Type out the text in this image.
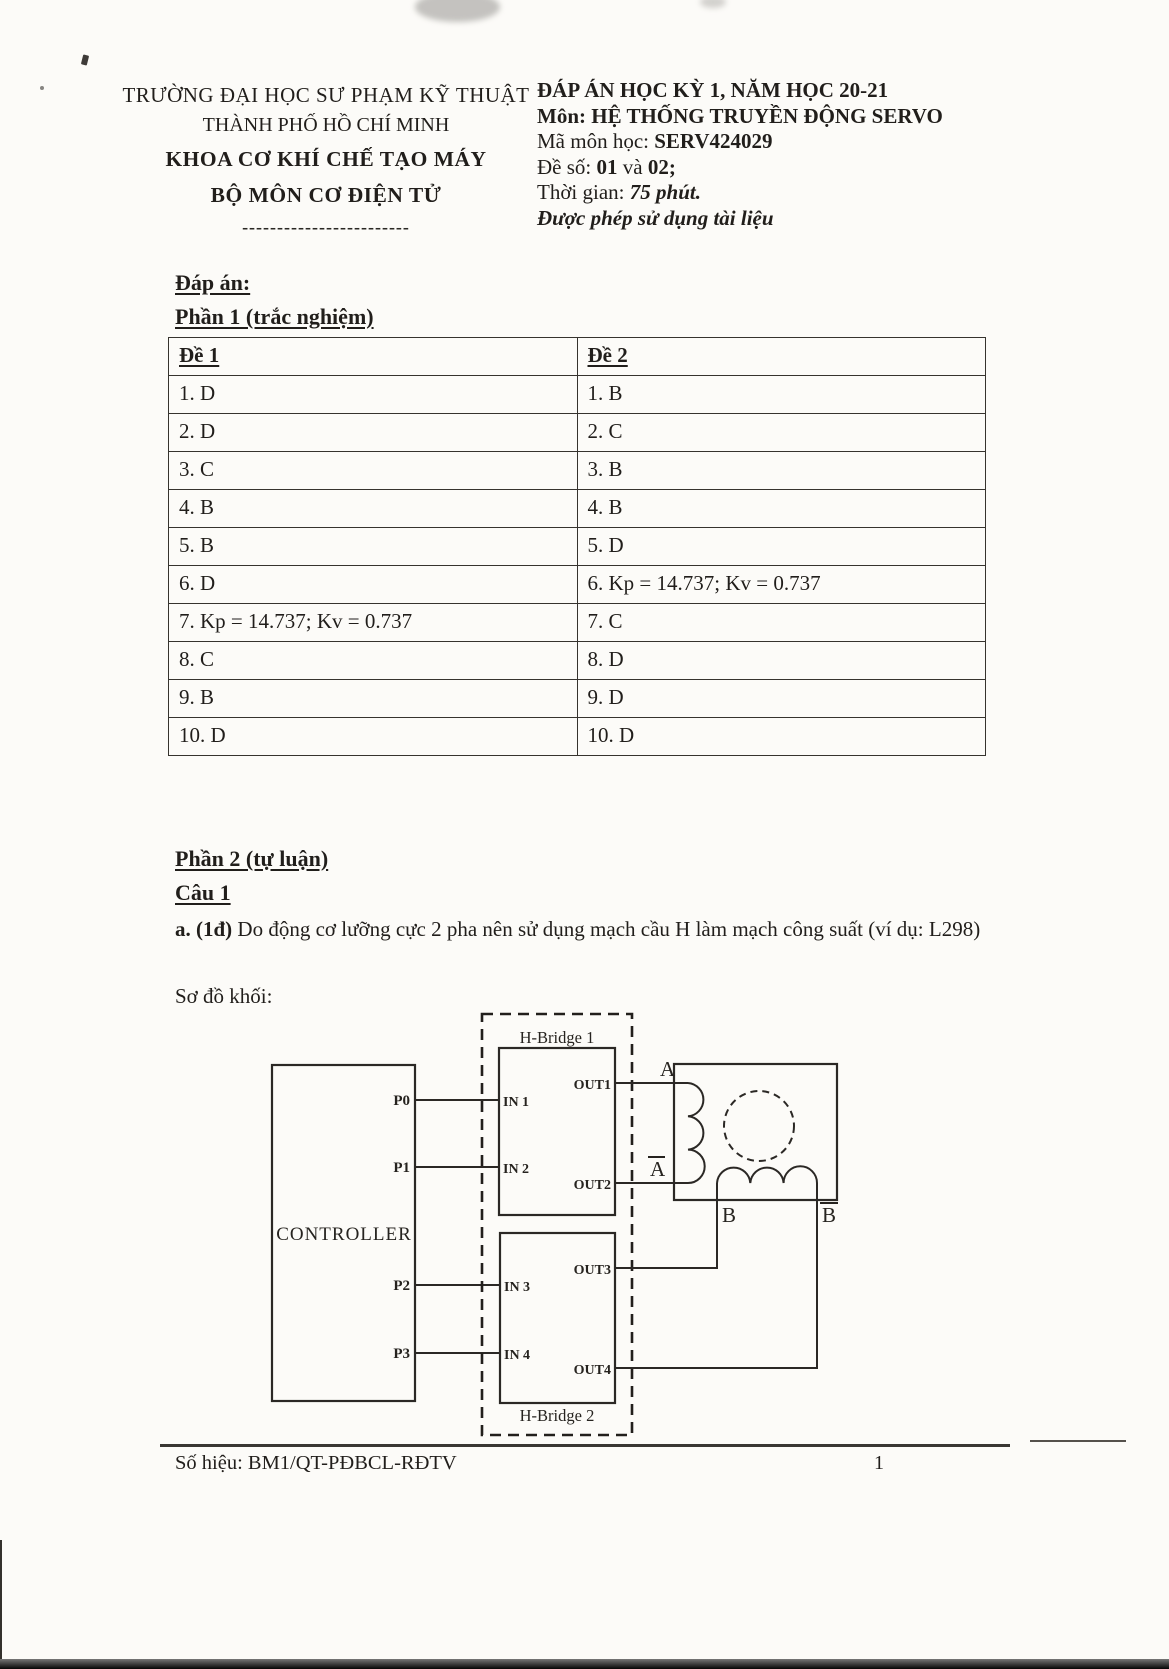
TRƯỜNG ĐẠI HỌC SƯ PHẠM KỸ THUẬT
THÀNH PHỐ HỒ CHÍ MINH
KHOA CƠ KHÍ CHẾ TẠO MÁY
BỘ MÔN CƠ ĐIỆN TỬ
------------------------
ĐÁP ÁN HỌC KỲ 1, NĂM HỌC 20-21
Môn: HỆ THỐNG TRUYỀN ĐỘNG SERVO
Mã môn học: SERV424029
Đề số: 01 và 02;
Thời gian: 75 phút.
Được phép sử dụng tài liệu
Đáp án:
Phần 1 (trắc nghiệm)
Đề 1	Đề 2
1. D	1. B
2. D	2. C
3. C	3. B
4. B	4. B
5. B	5. D
6. D	6. Kp = 14.737; Kv = 0.737
7. Kp = 14.737; Kv = 0.737	7. C
8. C	8. D
9. B	9. D
10. D	10. D
Phần 2 (tự luận)
Câu 1
a. (1đ) Do động cơ lưỡng cực 2 pha nên sử dụng mạch cầu H làm mạch công suất (ví dụ: L298)
Sơ đồ khối:
CONTROLLER
P0
P1
P2
P3
H-Bridge 1
IN 1
IN 2
OUT1
OUT2
H-Bridge 2
IN 3
IN 4
OUT3
OUT4
A
A
B	B
Số hiệu: BM1/QT-PĐBCL-RĐTV	1
